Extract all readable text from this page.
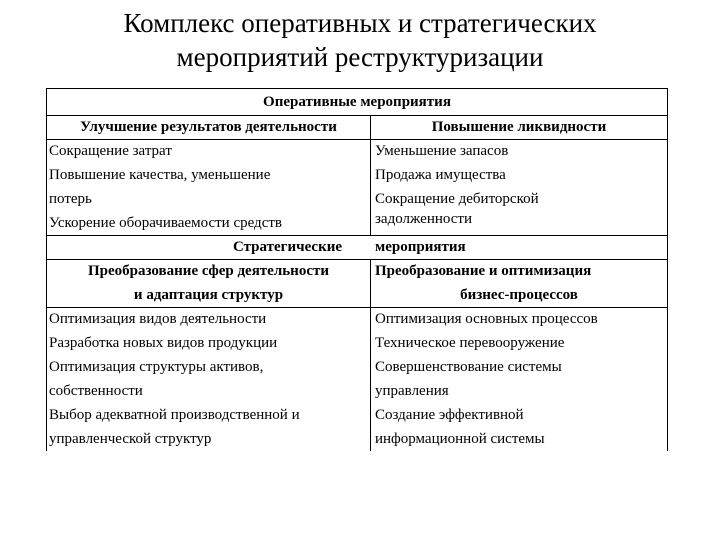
Комплекс оперативных и стратегических
мероприятий реструктуризации
Оперативные мероприятия
Улучшение результатов деятельности
Сокращение затрат
Повышение качества, уменьшение
потерь
Ускорение оборачиваемости средств
Повышение ликвидности
Уменьшение запасов
Продажа имущества
Сокращение дебиторской
задолженности
Стратегические мероприятия
Преобразование сфер деятельности
и адаптация структур
Оптимизация видов деятельности
Разработка новых видов продукции
Оптимизация структуры активов,
собственности
Выбор адекватной производственной и
управленческой структур
Преобразование и оптимизация
бизнес-процессов
Оптимизация основных процессов
Техническое перевооружение
Совершенствование системы
управления
Создание эффективной
информационной системы
